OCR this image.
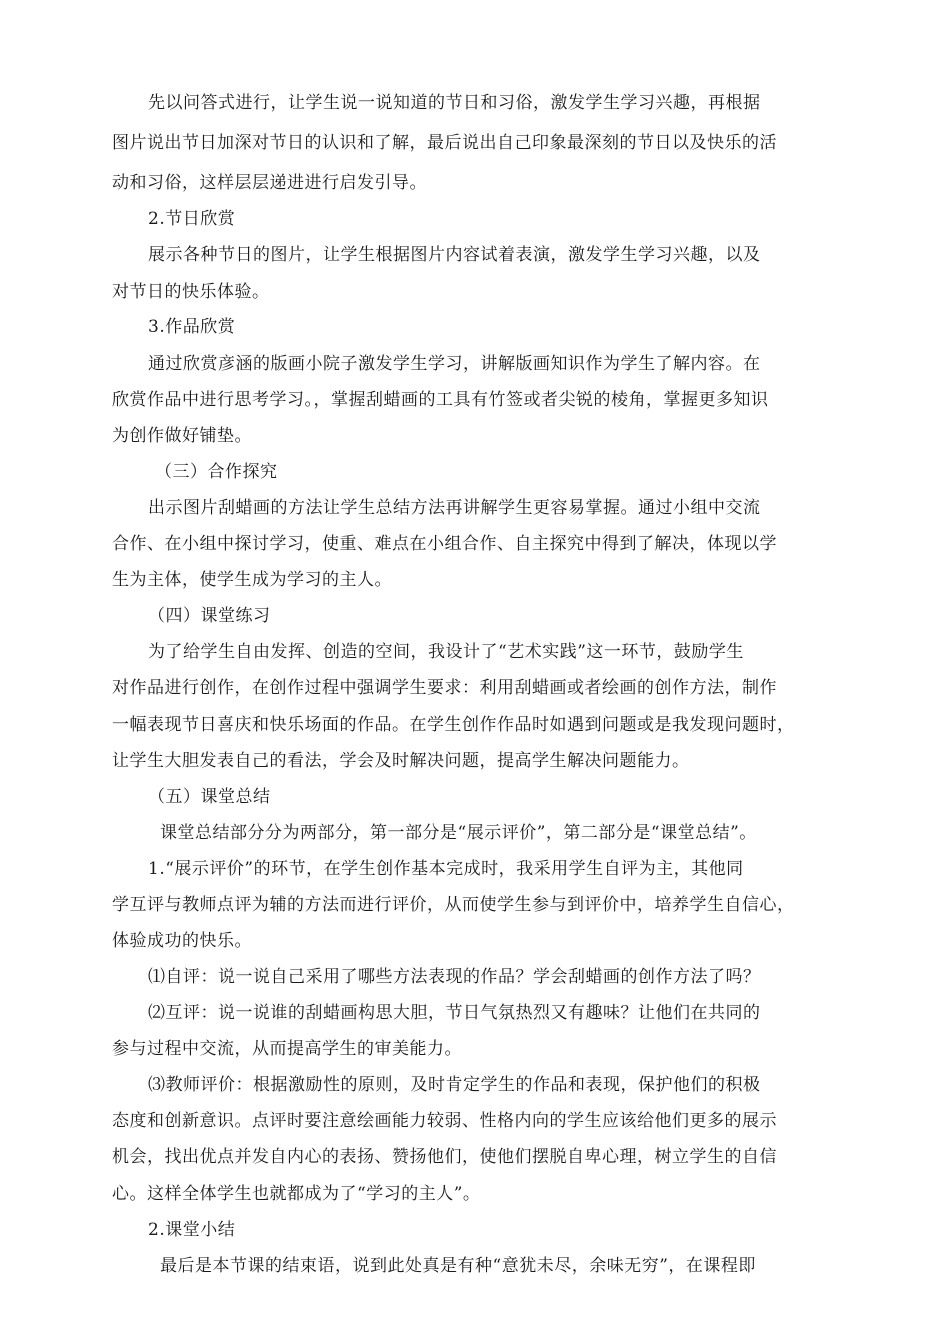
先以问答式进行，让学生说一说知道的节日和习俗，激发学生学习兴趣，再根据
图片说出节日加深对节日的认识和了解，最后说出自己印象最深刻的节日以及快乐的活
动和习俗，这样层层递进进行启发引导。
2.节日欣赏
展示各种节日的图片，让学生根据图片内容试着表演，激发学生学习兴趣，以及
对节日的快乐体验。
3.作品欣赏
通过欣赏彦涵的版画小院子激发学生学习，讲解版画知识作为学生了解内容。在
欣赏作品中进行思考学习。，掌握刮蜡画的工具有竹签或者尖锐的棱角，掌握更多知识
为创作做好铺垫。
（三）合作探究
出示图片刮蜡画的方法让学生总结方法再讲解学生更容易掌握。通过小组中交流
合作、在小组中探讨学习，使重、难点在小组合作、自主探究中得到了解决，体现以学
生为主体，使学生成为学习的主人。
（四）课堂练习
为了给学生自由发挥、创造的空间，我设计了“艺术实践”这一环节，鼓励学生
对作品进行创作，在创作过程中强调学生要求：利用刮蜡画或者绘画的创作方法，制作
一幅表现节日喜庆和快乐场面的作品。在学生创作作品时如遇到问题或是我发现问题时，
让学生大胆发表自己的看法，学会及时解决问题，提高学生解决问题能力。
（五）课堂总结
课堂总结部分分为两部分，第一部分是“展示评价”，第二部分是“课堂总结”。
1.“展示评价”的环节，在学生创作基本完成时，我采用学生自评为主，其他同
学互评与教师点评为辅的方法而进行评价，从而使学生参与到评价中，培养学生自信心，
体验成功的快乐。
⑴自评：说一说自己采用了哪些方法表现的作品？学会刮蜡画的创作方法了吗？
⑵互评：说一说谁的刮蜡画构思大胆，节日气氛热烈又有趣味？让他们在共同的
参与过程中交流，从而提高学生的审美能力。
⑶教师评价：根据激励性的原则，及时肯定学生的作品和表现，保护他们的积极
态度和创新意识。点评时要注意绘画能力较弱、性格内向的学生应该给他们更多的展示
机会，找出优点并发自内心的表扬、赞扬他们，使他们摆脱自卑心理，树立学生的自信
心。这样全体学生也就都成为了“学习的主人”。
2.课堂小结
最后是本节课的结束语，说到此处真是有种“意犹未尽，余味无穷”，在课程即
